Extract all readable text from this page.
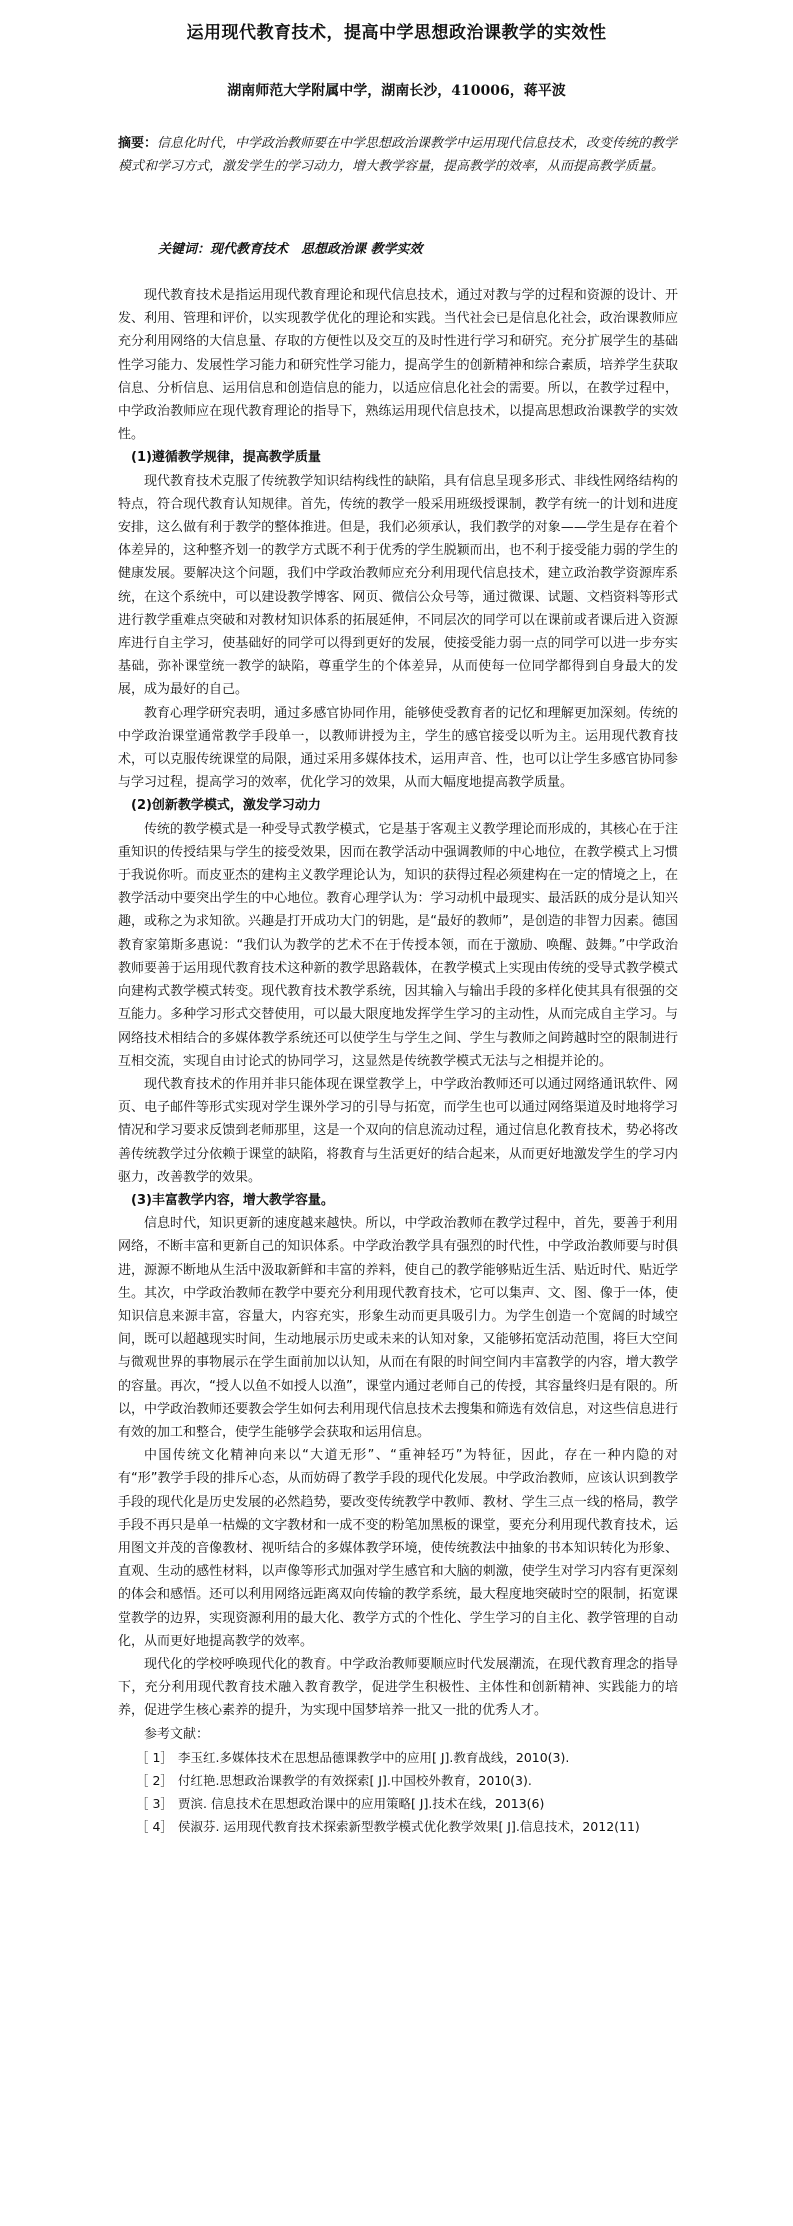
运用现代教育技术，提高中学思想政治课教学的实效性
湖南师范大学附属中学，湖南长沙，410006，蒋平波
摘要：信息化时代，中学政治教师要在中学思想政治课教学中运用现代信息技术，改变传统的教学模式和学习方式，激发学生的学习动力，增大教学容量，提高教学的效率，从而提高教学质量。
关键词：现代教育技术　思想政治课 教学实效

现代教育技术是指运用现代教育理论和现代信息技术，通过对教与学的过程和资源的设计、开发、利用、管理和评价，以实现教学优化的理论和实践。当代社会已是信息化社会，政治课教师应充分利用网络的大信息量、存取的方便性以及交互的及时性进行学习和研究。充分扩展学生的基础性学习能力、发展性学习能力和研究性学习能力，提高学生的创新精神和综合素质，培养学生获取信息、分析信息、运用信息和创造信息的能力，以适应信息化社会的需要。所以，在教学过程中，中学政治教师应在现代教育理论的指导下，熟练运用现代信息技术，以提高思想政治课教学的实效性。

(1)遵循教学规律，提高教学质量

现代教育技术克服了传统教学知识结构线性的缺陷，具有信息呈现多形式、非线性网络结构的特点，符合现代教育认知规律。首先，传统的教学一般采用班级授课制，教学有统一的计划和进度安排，这么做有利于教学的整体推进。但是，我们必须承认，我们教学的对象——学生是存在着个体差异的，这种整齐划一的教学方式既不利于优秀的学生脱颖而出，也不利于接受能力弱的学生的健康发展。要解决这个问题，我们中学政治教师应充分利用现代信息技术，建立政治教学资源库系统，在这个系统中，可以建设教学博客、网页、微信公众号等，通过微课、试题、文档资料等形式进行教学重难点突破和对教材知识体系的拓展延伸，不同层次的同学可以在课前或者课后进入资源库进行自主学习，使基础好的同学可以得到更好的发展，使接受能力弱一点的同学可以进一步夯实基础，弥补课堂统一教学的缺陷，尊重学生的个体差异，从而使每一位同学都得到自身最大的发展，成为最好的自己。

教育心理学研究表明，通过多感官协同作用，能够使受教育者的记忆和理解更加深刻。传统的中学政治课堂通常教学手段单一，以教师讲授为主，学生的感官接受以听为主。运用现代教育技术，可以克服传统课堂的局限，通过采用多媒体技术，运用声音、性，也可以让学生多感官协同参与学习过程，提高学习的效率，优化学习的效果，从而大幅度地提高教学质量。

(2)创新教学模式，激发学习动力

传统的教学模式是一种受导式教学模式，它是基于客观主义教学理论而形成的，其核心在于注重知识的传授结果与学生的接受效果，因而在教学活动中强调教师的中心地位，在教学模式上习惯于我说你听。而皮亚杰的建构主义教学理论认为，知识的获得过程必须建构在一定的情境之上，在教学活动中要突出学生的中心地位。教育心理学认为：学习动机中最现实、最活跃的成分是认知兴趣，或称之为求知欲。兴趣是打开成功大门的钥匙，是“最好的教师”，是创造的非智力因素。德国教育家第斯多惠说：“我们认为教学的艺术不在于传授本领，而在于激励、唤醒、鼓舞。”中学政治教师要善于运用现代教育技术这种新的教学思路载体，在教学模式上实现由传统的受导式教学模式向建构式教学模式转变。现代教育技术教学系统，因其输入与输出手段的多样化使其具有很强的交互能力。多种学习形式交替使用，可以最大限度地发挥学生学习的主动性，从而完成自主学习。与网络技术相结合的多媒体教学系统还可以使学生与学生之间、学生与教师之间跨越时空的限制进行互相交流，实现自由讨论式的协同学习，这显然是传统教学模式无法与之相提并论的。

现代教育技术的作用并非只能体现在课堂教学上，中学政治教师还可以通过网络通讯软件、网页、电子邮件等形式实现对学生课外学习的引导与拓宽，而学生也可以通过网络渠道及时地将学习情况和学习要求反馈到老师那里，这是一个双向的信息流动过程，通过信息化教育技术，势必将改善传统教学过分依赖于课堂的缺陷，将教育与生活更好的结合起来，从而更好地激发学生的学习内驱力，改善教学的效果。

(3)丰富教学内容，增大教学容量。

信息时代，知识更新的速度越来越快。所以，中学政治教师在教学过程中，首先，要善于利用网络，不断丰富和更新自己的知识体系。中学政治教学具有强烈的时代性，中学政治教师要与时俱进，源源不断地从生活中汲取新鲜和丰富的养料，使自己的教学能够贴近生活、贴近时代、贴近学生。其次，中学政治教师在教学中要充分利用现代教育技术，它可以集声、文、图、像于一体，使知识信息来源丰富，容量大，内容充实，形象生动而更具吸引力。为学生创造一个宽阔的时域空间，既可以超越现实时间，生动地展示历史或未来的认知对象，又能够拓宽活动范围，将巨大空间与微观世界的事物展示在学生面前加以认知，从而在有限的时间空间内丰富教学的内容，增大教学的容量。再次，“授人以鱼不如授人以渔”，课堂内通过老师自己的传授，其容量终归是有限的。所以，中学政治教师还要教会学生如何去利用现代信息技术去搜集和筛选有效信息，对这些信息进行有效的加工和整合，使学生能够学会获取和运用信息。

中国传统文化精神向来以“大道无形”、“重神轻巧”为特征，因此，存在一种内隐的对有“形”教学手段的排斥心态，从而妨碍了教学手段的现代化发展。中学政治教师，应该认识到教学手段的现代化是历史发展的必然趋势，要改变传统教学中教师、教材、学生三点一线的格局，教学手段不再只是单一枯燥的文字教材和一成不变的粉笔加黑板的课堂，要充分利用现代教育技术，运用图文并茂的音像教材、视听结合的多媒体教学环境，使传统教法中抽象的书本知识转化为形象、直观、生动的感性材料，以声像等形式加强对学生感官和大脑的刺激，使学生对学习内容有更深刻的体会和感悟。还可以利用网络远距离双向传输的教学系统，最大程度地突破时空的限制，拓宽课堂教学的边界，实现资源利用的最大化、教学方式的个性化、学生学习的自主化、教学管理的自动化，从而更好地提高教学的效率。

现代化的学校呼唤现代化的教育。中学政治教师要顺应时代发展潮流，在现代教育理念的指导下，充分利用现代教育技术融入教育教学，促进学生积极性、主体性和创新精神、实践能力的培养，促进学生核心素养的提升，为实现中国梦培养一批又一批的优秀人才。

参考文献：

［ 1］ 李玉红.多媒体技术在思想品德课教学中的应用[ J].教育战线，2010(3).
［ 2］ 付红艳.思想政治课教学的有效探索[ J].中国校外教育，2010(3).
［ 3］ 贾滨. 信息技术在思想政治课中的应用策略[ J].技术在线，2013(6)
［ 4］ 侯淑芬. 运用现代教育技术探索新型教学模式优化教学效果[ J].信息技术，2012(11)
